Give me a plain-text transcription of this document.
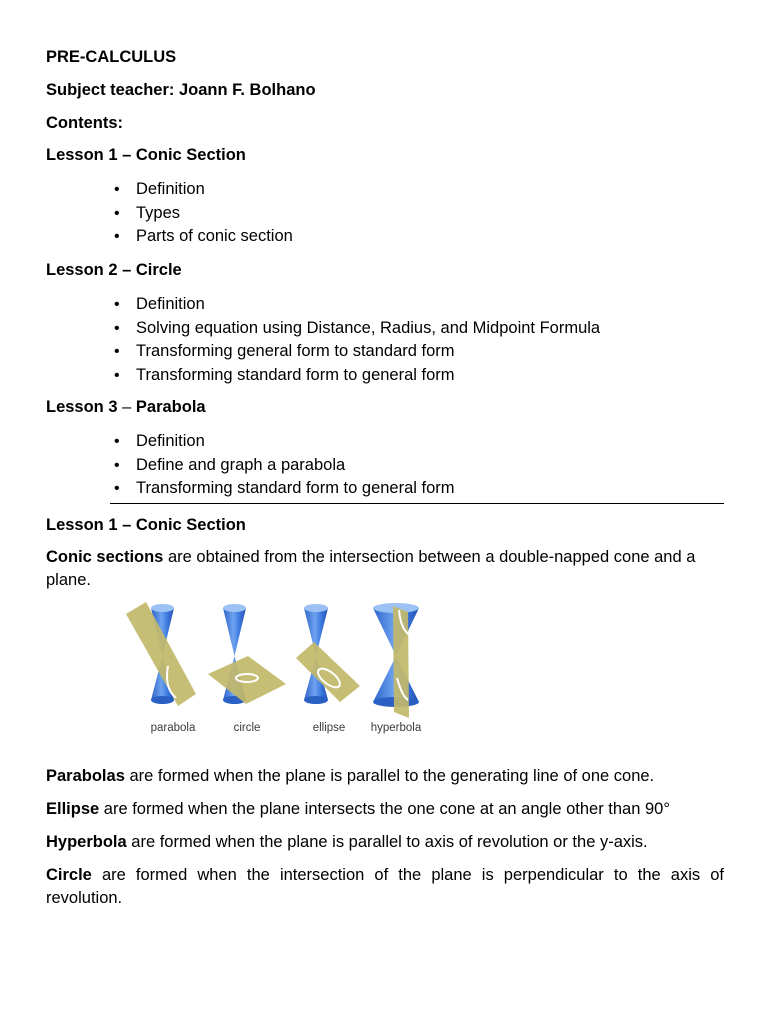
PRE-CALCULUS

Subject teacher: Joann F. Bolhano

Contents:

Lesson 1 – Conic Section

• Definition
• Types
• Parts of conic section

Lesson 2 – Circle

• Definition
• Solving equation using Distance, Radius, and Midpoint Formula
• Transforming general form to standard form
• Transforming standard form to general form

Lesson 3 – Parabola

• Definition
• Define and graph a parabola
• Transforming standard form to general form

Lesson 1 – Conic Section

Conic sections are obtained from the intersection between a double-napped cone and a plane.

parabola	circle	ellipse hyperbola

Parabolas are formed when the plane is parallel to the generating line of one cone.

Ellipse are formed when the plane intersects the one cone at an angle other than 90°

Hyperbola are formed when the plane is parallel to axis of revolution or the y-axis.

Circle are formed when the intersection of the plane is perpendicular to the axis of revolution.
